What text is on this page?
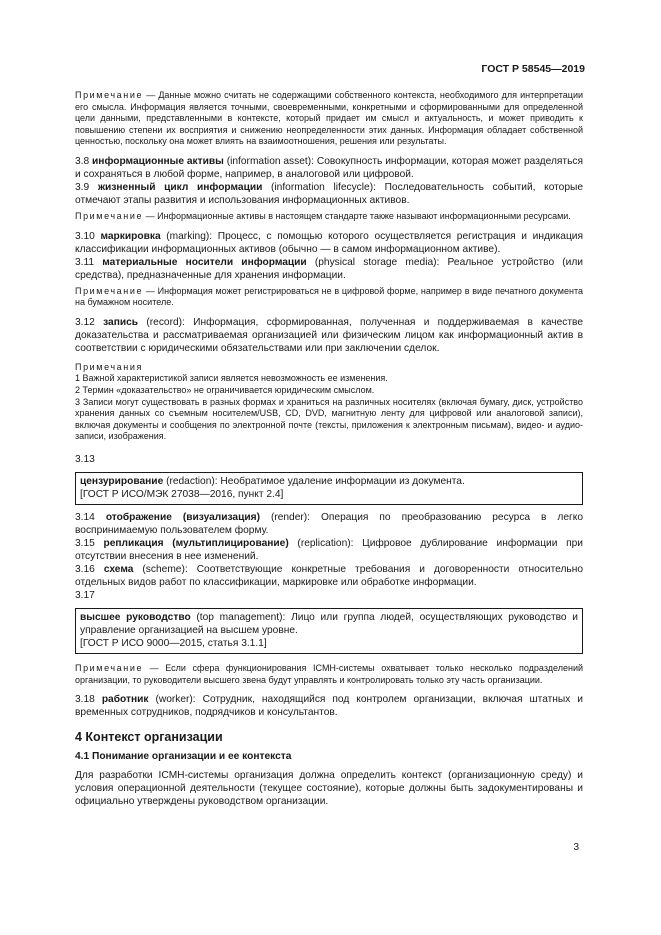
ГОСТ Р 58545—2019

Примечание — Данные можно считать не содержащими собственного контекста, необходимого для интерпретации его смысла. Информация является точными, своевременными, конкретными и сформированными для определенной цели данными, представленными в контексте, который придает им смысл и актуальность, и может приводить к повышению степени их восприятия и снижению неопределенности этих данных. Информация обладает собственной ценностью, поскольку она может влиять на взаимоотношения, решения или результаты.

3.8 информационные активы (information asset): Совокупность информации, которая может разделяться и сохраняться в любой форме, например, в аналоговой или цифровой.

3.9 жизненный цикл информации (information lifecycle): Последовательность событий, которые отмечают этапы развития и использования информационных активов.

Примечание — Информационные активы в настоящем стандарте также называют информационными ресурсами.

3.10 маркировка (marking): Процесс, с помощью которого осуществляется регистрация и индикация классификации информационных активов (обычно — в самом информационном активе).

3.11 материальные носители информации (physical storage media): Реальное устройство (или средства), предназначенные для хранения информации.

Примечание — Информация может регистрироваться не в цифровой форме, например в виде печатного документа на бумажном носителе.

3.12 запись (record): Информация, сформированная, полученная и поддерживаемая в качестве доказательства и рассматриваемая организацией или физическим лицом как информационный актив в соответствии с юридическими обязательствами или при заключении сделок.

Примечания

1 Важной характеристикой записи является невозможность ее изменения.

2 Термин «доказательство» не ограничивается юридическим смыслом.

3 Записи могут существовать в разных формах и храниться на различных носителях (включая бумагу, диск, устройство хранения данных со съемным носителем/USB, CD, DVD, магнитную ленту для цифровой или аналоговой записи), включая документы и сообщения по электронной почте (тексты, приложения к электронным письмам), видео- и аудио-записи, изображения.

3.13

цензурирование (redaction): Необратимое удаление информации из документа.

[ГОСТ Р ИСО/МЭК 27038—2016, пункт 2.4]

3.14 отображение (визуализация) (render): Операция по преобразованию ресурса в легко воспринимаемую пользователем форму.

3.15 репликация (мультиплицирование) (replication): Цифровое дублирование информации при отсутствии внесения в нее изменений.

3.16 схема (scheme): Соответствующие конкретные требования и договоренности относительно отдельных видов работ по классификации, маркировке или обработке информации.

3.17

высшее руководство (top management): Лицо или группа людей, осуществляющих руководство и управление организацией на высшем уровне.

[ГОСТ Р ИСО 9000—2015, статья 3.1.1]

Примечание — Если сфера функционирования ICMH-системы охватывает только несколько подразделений организации, то руководители высшего звена будут управлять и контролировать только эту часть организации.

3.18 работник (worker): Сотрудник, находящийся под контролем организации, включая штатных и временных сотрудников, подрядчиков и консультантов.

4 Контекст организации
4.1 Понимание организации и ее контекста

Для разработки ICMH-системы организация должна определить контекст (организационную среду) и условия операционной деятельности (текущее состояние), которые должны быть задокументированы и официально утверждены руководством организации.

3
